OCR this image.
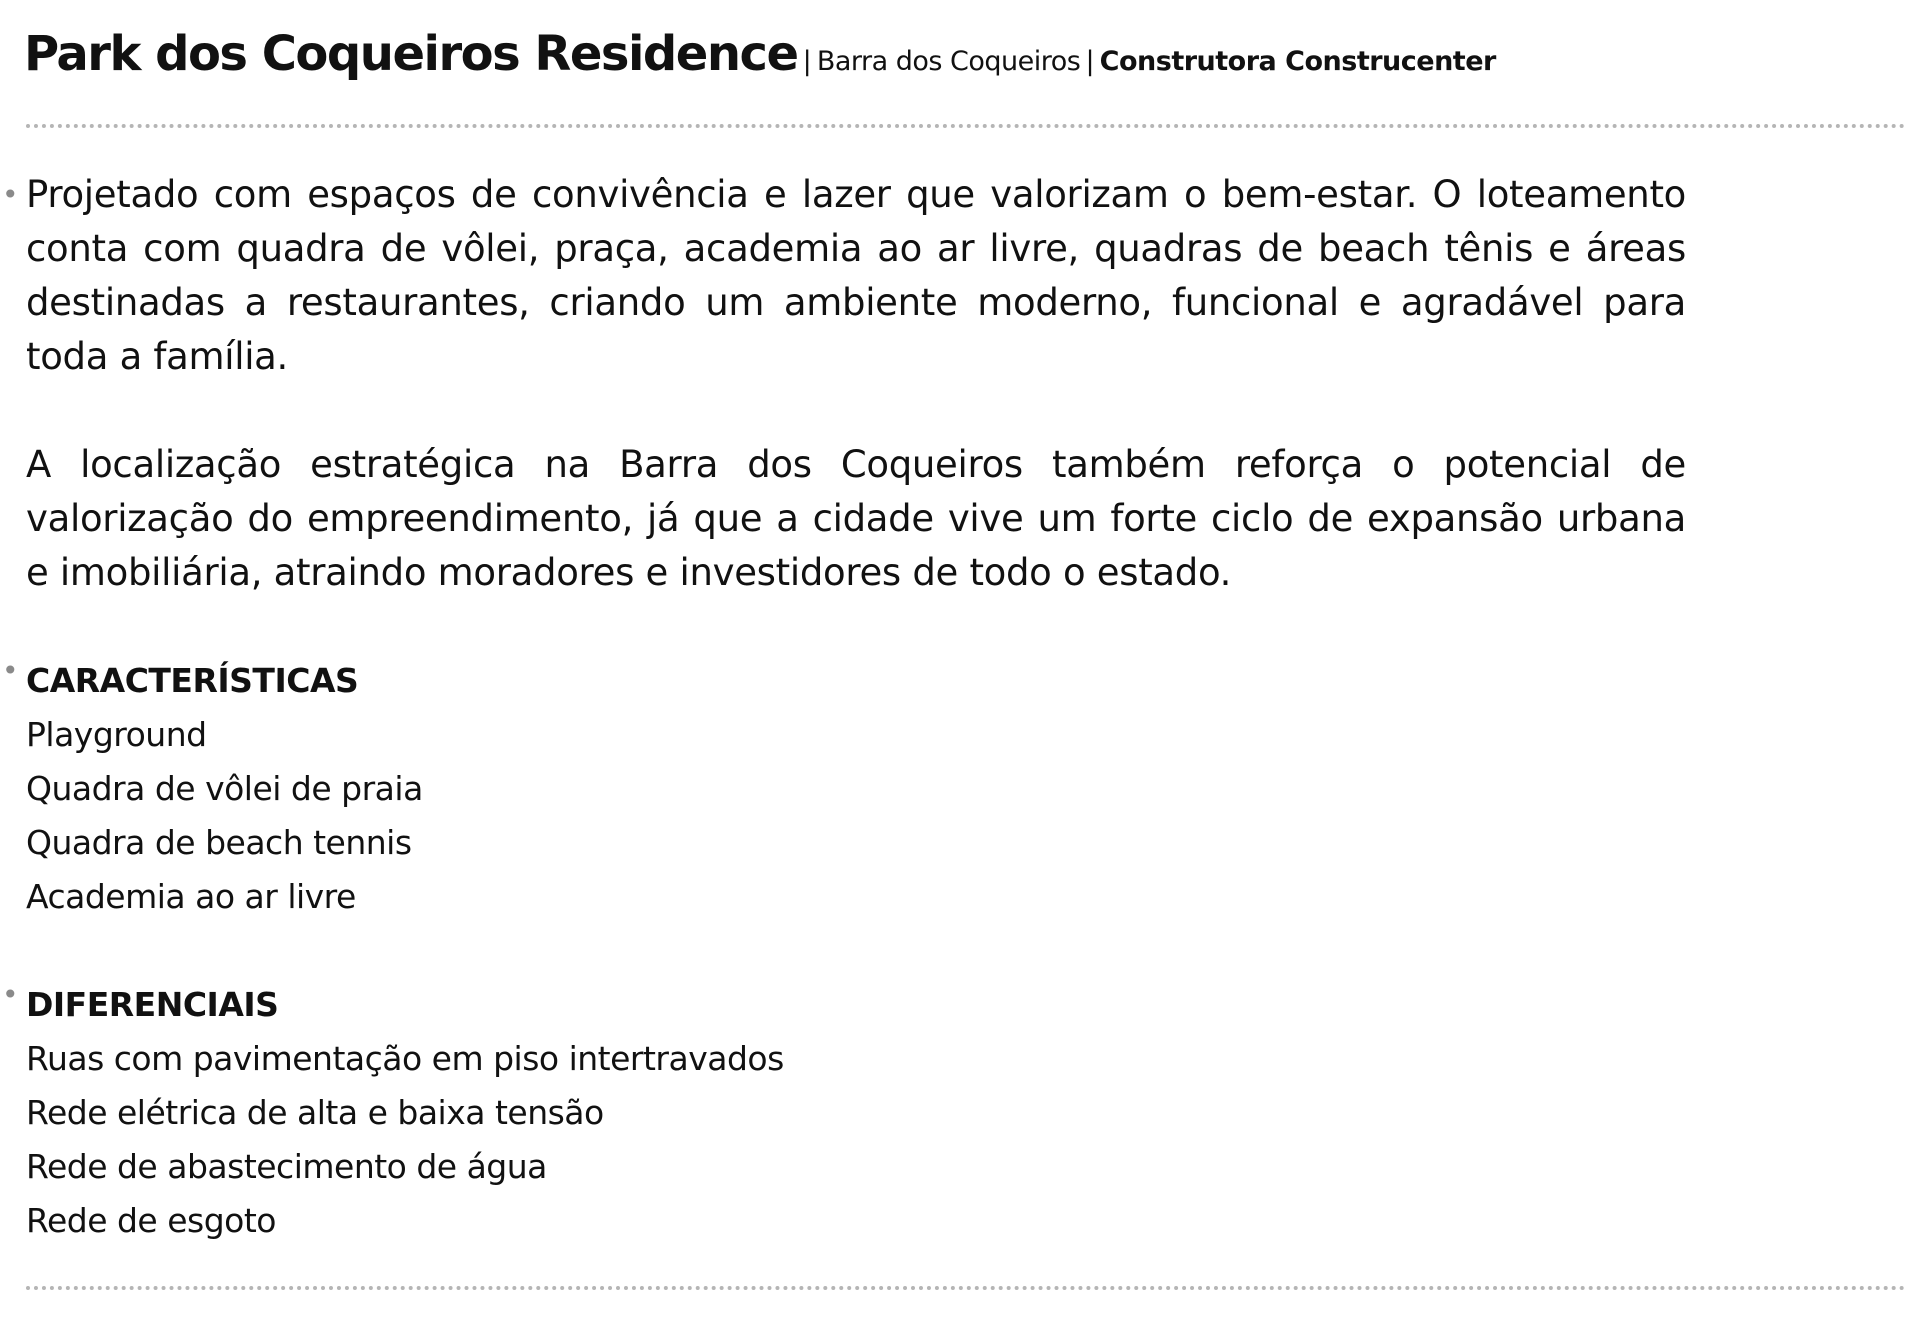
Park dos Coqueiros Residence | Barra dos Coqueiros | Construtora Construcenter

• Projetado com espaços de convivência e lazer que valorizam o bem-estar. O loteamento conta com quadra de vôlei, praça, academia ao ar livre, quadras de beach tênis e áreas destinadas a restaurantes, criando um ambiente moderno, funcional e agradável para toda a família.

A localização estratégica na Barra dos Coqueiros também reforça o potencial de valorização do empreendimento, já que a cidade vive um forte ciclo de expansão urbana e imobiliária, atraindo moradores e investidores de todo o estado.

• CARACTERÍSTICAS
Playground
Quadra de vôlei de praia
Quadra de beach tennis
Academia ao ar livre
• DIFERENCIAIS
Ruas com pavimentação em piso intertravados
Rede elétrica de alta e baixa tensão
Rede de abastecimento de água
Rede de esgoto
